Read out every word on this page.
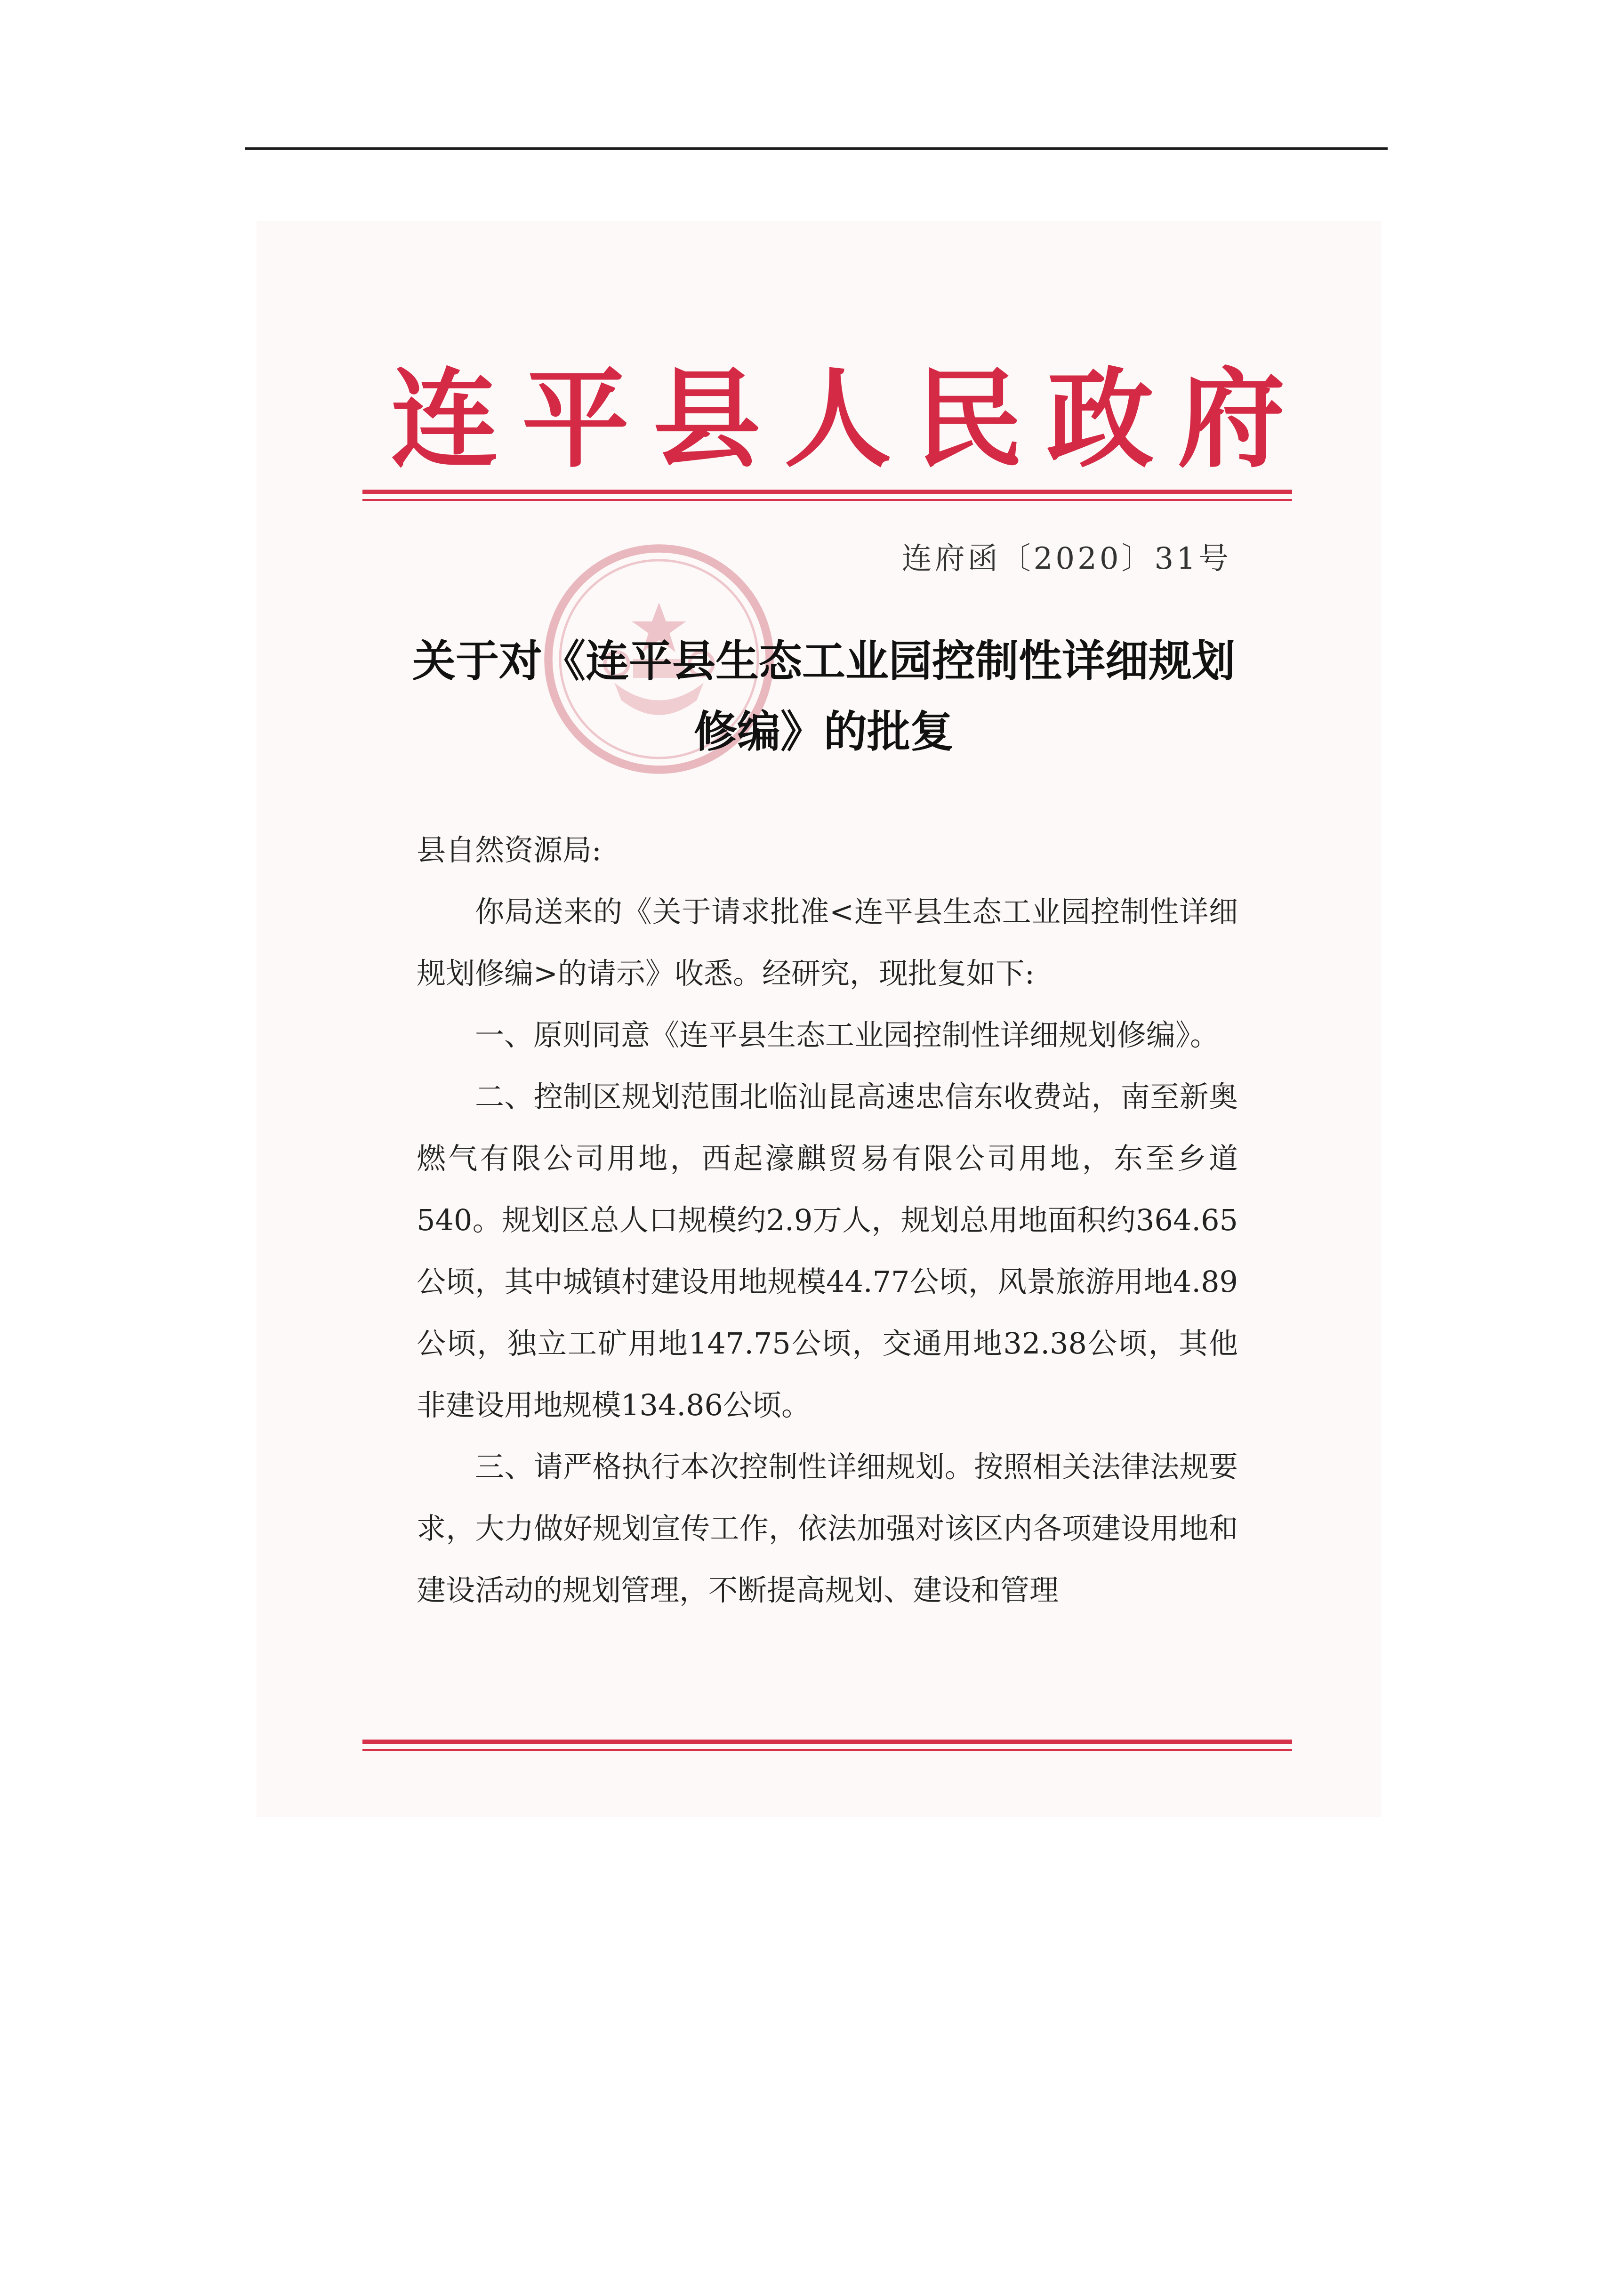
连 平 县 人 民 政 府
连府函〔2020〕31号
关于对《连平县生态工业园控制性详细规划
修编》的批复

县自然资源局:

你局送来的《关于请求批准<连平县生态工业园控制性详细规划修编>的请示》收悉。经研究，现批复如下:

一、原则同意《连平县生态工业园控制性详细规划修编》。

二、控制区规划范围北临汕昆高速忠信东收费站，南至新奥燃气有限公司用地，西起濠麒贸易有限公司用地，东至乡道540。规划区总人口规模约2.9万人，规划总用地面积约364.65公顷，其中城镇村建设用地规模44.77公顷，风景旅游用地4.89公顷，独立工矿用地147.75公顷，交通用地32.38公顷，其他非建设用地规模134.86公顷。

三、请严格执行本次控制性详细规划。按照相关法律法规要求，大力做好规划宣传工作，依法加强对该区内各项建设用地和建设活动的规划管理，不断提高规划、建设和管理
